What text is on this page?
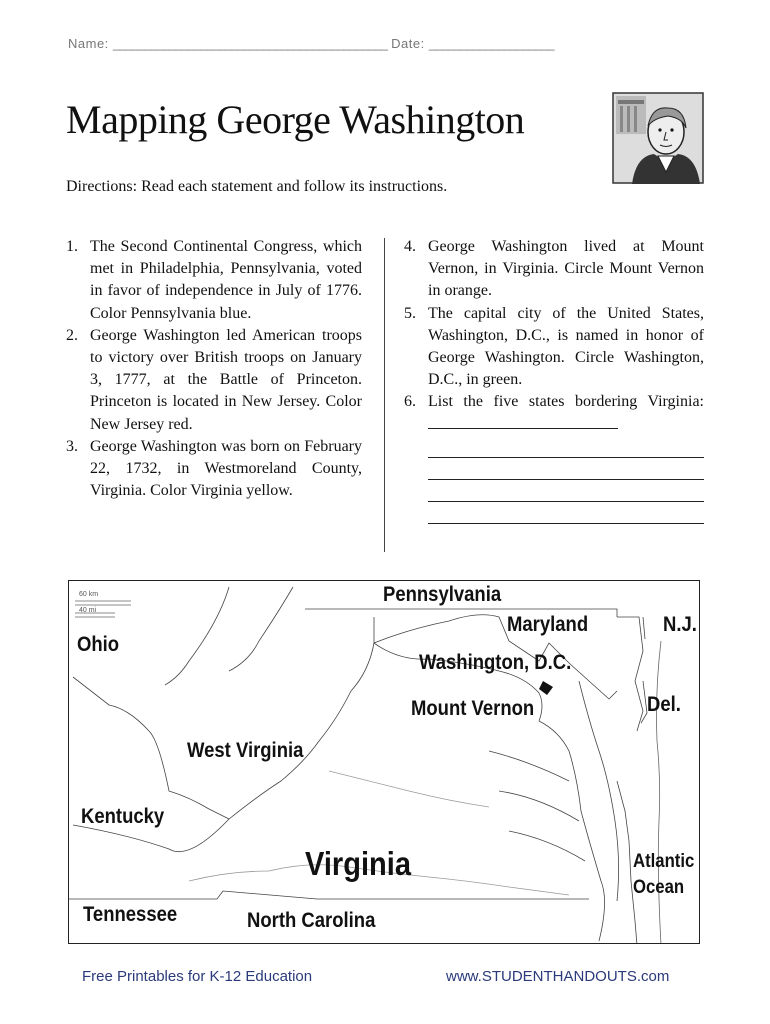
Name: ____________________________________________ Date: ____________________
Mapping George Washington
Directions: Read each statement and follow its instructions.
1. The Second Continental Congress, which met in Philadelphia, Pennsylvania, voted in favor of independence in July of 1776. Color Pennsylvania blue.
2. George Washington led American troops to victory over British troops on January 3, 1777, at the Battle of Princeton. Princeton is located in New Jersey. Color New Jersey red.
3. George Washington was born on February 22, 1732, in Westmoreland County, Virginia. Color Virginia yellow.
4. George Washington lived at Mount Vernon, in Virginia. Circle Mount Vernon in orange.
5. The capital city of the United States, Washington, D.C., is named in honor of George Washington. Circle Washington, D.C., in green.
6. List the five states bordering Virginia:
60 km
40 mi
Pennsylvania
Maryland	N.J.
Ohio
Washington, D.C.
Mount Vernon	Del.
West Virginia
Kentucky
Virginia	Atlantic
Ocean
Tennessee	North Carolina
Free Printables for K-12 Education	www.STUDENTHANDOUTS.com
